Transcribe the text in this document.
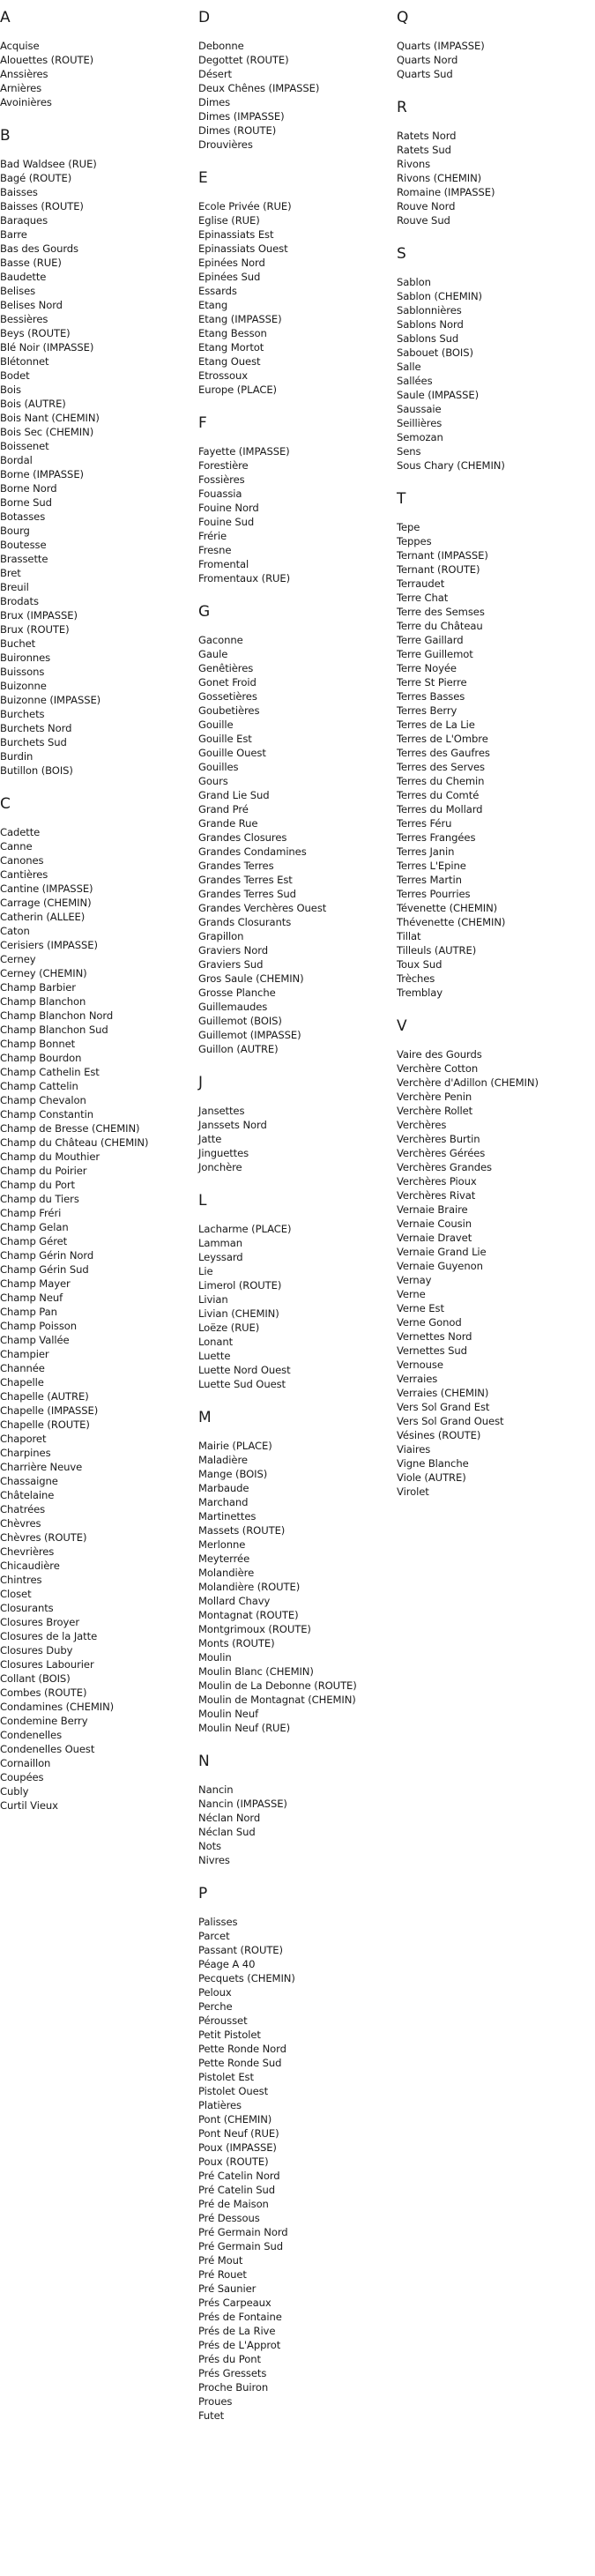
A
Acquise
Alouettes (ROUTE)
Anssières
Arnières
Avoinières
B
Bad Waldsee (RUE)
Bagé (ROUTE)
Baisses
Baisses (ROUTE)
Baraques
Barre
Bas des Gourds
Basse (RUE)
Baudette
Belises
Belises Nord
Bessières
Beys (ROUTE)
Blé Noir (IMPASSE)
Blétonnet
Bodet
Bois
Bois (AUTRE)
Bois Nant (CHEMIN)
Bois Sec (CHEMIN)
Boissenet
Bordal
Borne (IMPASSE)
Borne Nord
Borne Sud
Botasses
Bourg
Boutesse
Brassette
Bret
Breuil
Brodats
Brux (IMPASSE)
Brux (ROUTE)
Buchet
Buironnes
Buissons
Buizonne
Buizonne (IMPASSE)
Burchets
Burchets Nord
Burchets Sud
Burdin
Butillon (BOIS)
C
Cadette
Canne
Canones
Cantières
Cantine (IMPASSE)
Carrage (CHEMIN)
Catherin (ALLEE)
Caton
Cerisiers (IMPASSE)
Cerney
Cerney (CHEMIN)
Champ Barbier
Champ Blanchon
Champ Blanchon Nord
Champ Blanchon Sud
Champ Bonnet
Champ Bourdon
Champ Cathelin Est
Champ Cattelin
Champ Chevalon
Champ Constantin
Champ de Bresse (CHEMIN)
Champ du Château (CHEMIN)
Champ du Mouthier
Champ du Poirier
Champ du Port
Champ du Tiers
Champ Fréri
Champ Gelan
Champ Géret
Champ Gérin Nord
Champ Gérin Sud
Champ Mayer
Champ Neuf
Champ Pan
Champ Poisson
Champ Vallée
Champier
Channée
Chapelle
Chapelle (AUTRE)
Chapelle (IMPASSE)
Chapelle (ROUTE)
Chaporet
Charpines
Charrière Neuve
Chassaigne
Châtelaine
Chatrées
Chèvres
Chèvres (ROUTE)
Chevrières
Chicaudière
Chintres
Closet
Closurants
Closures Broyer
Closures de la Jatte
Closures Duby
Closures Labourier
Collant (BOIS)
Combes (ROUTE)
Condamines (CHEMIN)
Condemine Berry
Condenelles
Condenelles Ouest
Cornaillon
Coupées
Cubly
Curtil Vieux
D
Debonne
Degottet (ROUTE)
Désert
Deux Chênes (IMPASSE)
Dimes
Dimes (IMPASSE)
Dimes (ROUTE)
Drouvières
E
Ecole Privée (RUE)
Eglise (RUE)
Epinassiats Est
Epinassiats Ouest
Epinées Nord
Epinées Sud
Essards
Etang
Etang (IMPASSE)
Etang Besson
Etang Mortot
Etang Ouest
Etrossoux
Europe (PLACE)
F
Fayette (IMPASSE)
Forestière
Fossières
Fouassia
Fouine Nord
Fouine Sud
Frérie
Fresne
Fromental
Fromentaux (RUE)
G
Gaconne
Gaule
Genêtières
Gonet Froid
Gossetières
Goubetières
Gouille
Gouille Est
Gouille Ouest
Gouilles
Gours
Grand Lie Sud
Grand Pré
Grande Rue
Grandes Closures
Grandes Condamines
Grandes Terres
Grandes Terres Est
Grandes Terres Sud
Grandes Verchères Ouest
Grands Closurants
Grapillon
Graviers Nord
Graviers Sud
Gros Saule (CHEMIN)
Grosse Planche
Guillemaudes
Guillemot (BOIS)
Guillemot (IMPASSE)
Guillon (AUTRE)
J
Jansettes
Janssets Nord
Jatte
Jinguettes
Jonchère
L
Lacharme (PLACE)
Lamman
Leyssard
Lie
Limerol (ROUTE)
Livian
Livian (CHEMIN)
Loëze (RUE)
Lonant
Luette
Luette Nord Ouest
Luette Sud Ouest
M
Mairie (PLACE)
Maladière
Mange (BOIS)
Marbaude
Marchand
Martinettes
Massets (ROUTE)
Merlonne
Meyterrée
Molandière
Molandière (ROUTE)
Mollard Chavy
Montagnat (ROUTE)
Montgrimoux (ROUTE)
Monts (ROUTE)
Moulin
Moulin Blanc (CHEMIN)
Moulin de La Debonne (ROUTE)
Moulin de Montagnat (CHEMIN)
Moulin Neuf
Moulin Neuf (RUE)
N
Nancin
Nancin (IMPASSE)
Néclan Nord
Néclan Sud
Nots
Nivres
P
Palisses
Parcet
Passant (ROUTE)
Péage A 40
Pecquets (CHEMIN)
Peloux
Perche
Pérousset
Petit Pistolet
Pette Ronde Nord
Pette Ronde Sud
Pistolet Est
Pistolet Ouest
Platières
Pont (CHEMIN)
Pont Neuf (RUE)
Poux (IMPASSE)
Poux (ROUTE)
Pré Catelin Nord
Pré Catelin Sud
Pré de Maison
Pré Dessous
Pré Germain Nord
Pré Germain Sud
Pré Mout
Pré Rouet
Pré Saunier
Prés Carpeaux
Prés de Fontaine
Prés de La Rive
Prés de L'Approt
Prés du Pont
Prés Gressets
Proche Buiron
Proues
Futet
Q
Quarts (IMPASSE)
Quarts Nord
Quarts Sud
R
Ratets Nord
Ratets Sud
Rivons
Rivons (CHEMIN)
Romaine (IMPASSE)
Rouve Nord
Rouve Sud
S
Sablon
Sablon (CHEMIN)
Sablonnières
Sablons Nord
Sablons Sud
Sabouet (BOIS)
Salle
Sallées
Saule (IMPASSE)
Saussaie
Seillières
Semozan
Sens
Sous Chary (CHEMIN)
T
Tepe
Teppes
Ternant (IMPASSE)
Ternant (ROUTE)
Terraudet
Terre Chat
Terre des Semses
Terre du Château
Terre Gaillard
Terre Guillemot
Terre Noyée
Terre St Pierre
Terres Basses
Terres Berry
Terres de La Lie
Terres de L'Ombre
Terres des Gaufres
Terres des Serves
Terres du Chemin
Terres du Comté
Terres du Mollard
Terres Féru
Terres Frangées
Terres Janin
Terres L'Epine
Terres Martin
Terres Pourries
Tévenette (CHEMIN)
Thévenette (CHEMIN)
Tillat
Tilleuls (AUTRE)
Toux Sud
Trèches
Tremblay
V
Vaire des Gourds
Verchère Cotton
Verchère d'Adillon (CHEMIN)
Verchère Penin
Verchère Rollet
Verchères
Verchères Burtin
Verchères Gérées
Verchères Grandes
Verchères Pioux
Verchères Rivat
Vernaie Braire
Vernaie Cousin
Vernaie Dravet
Vernaie Grand Lie
Vernaie Guyenon
Vernay
Verne
Verne Est
Verne Gonod
Vernettes Nord
Vernettes Sud
Vernouse
Verraies
Verraies (CHEMIN)
Vers Sol Grand Est
Vers Sol Grand Ouest
Vésines (ROUTE)
Viaires
Vigne Blanche
Viole (AUTRE)
Virolet
